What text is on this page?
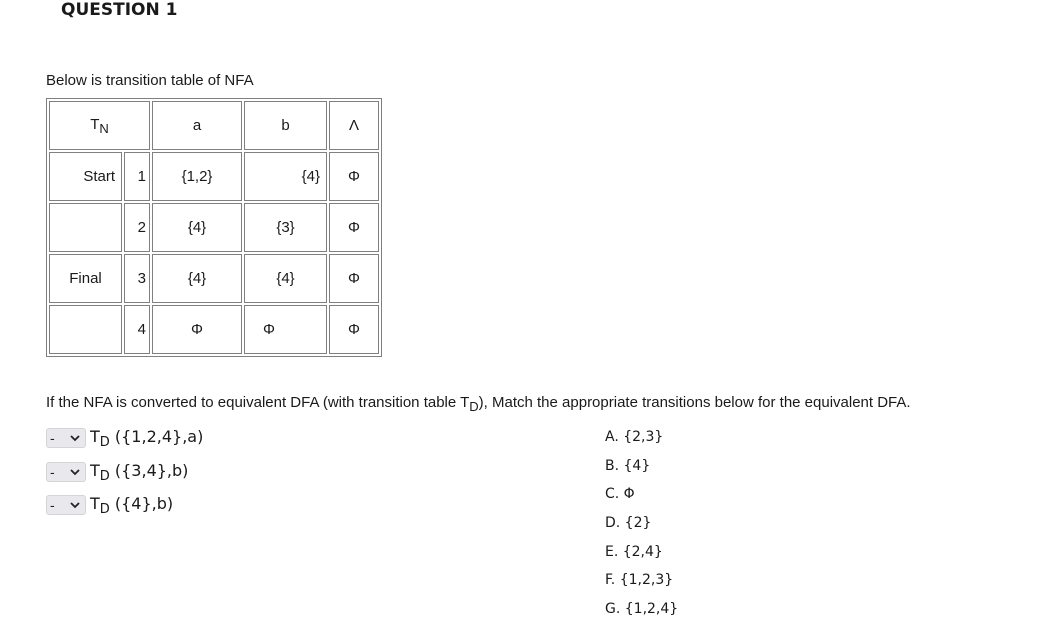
QUESTION 1
Below is transition table of NFA
TN		a	b	Λ
Start	1	{1,2}	{4}	Φ
	2	{4}	{3}	Φ
Final	3	{4}	{4}	Φ
	4	Φ	Φ	Φ
If the NFA is converted to equivalent DFA (with transition table TD), Match the appropriate transitions below for the equivalent DFA.
-	$T_D$ ({1,2,4},a)
-	$T_D$ ({3,4},b)
-	$T_D$ ({4},b)
A. {2,3}
B. {4}
C. Φ
D. {2}
E. {2,4}
F. {1,2,3}
G. {1,2,4}
